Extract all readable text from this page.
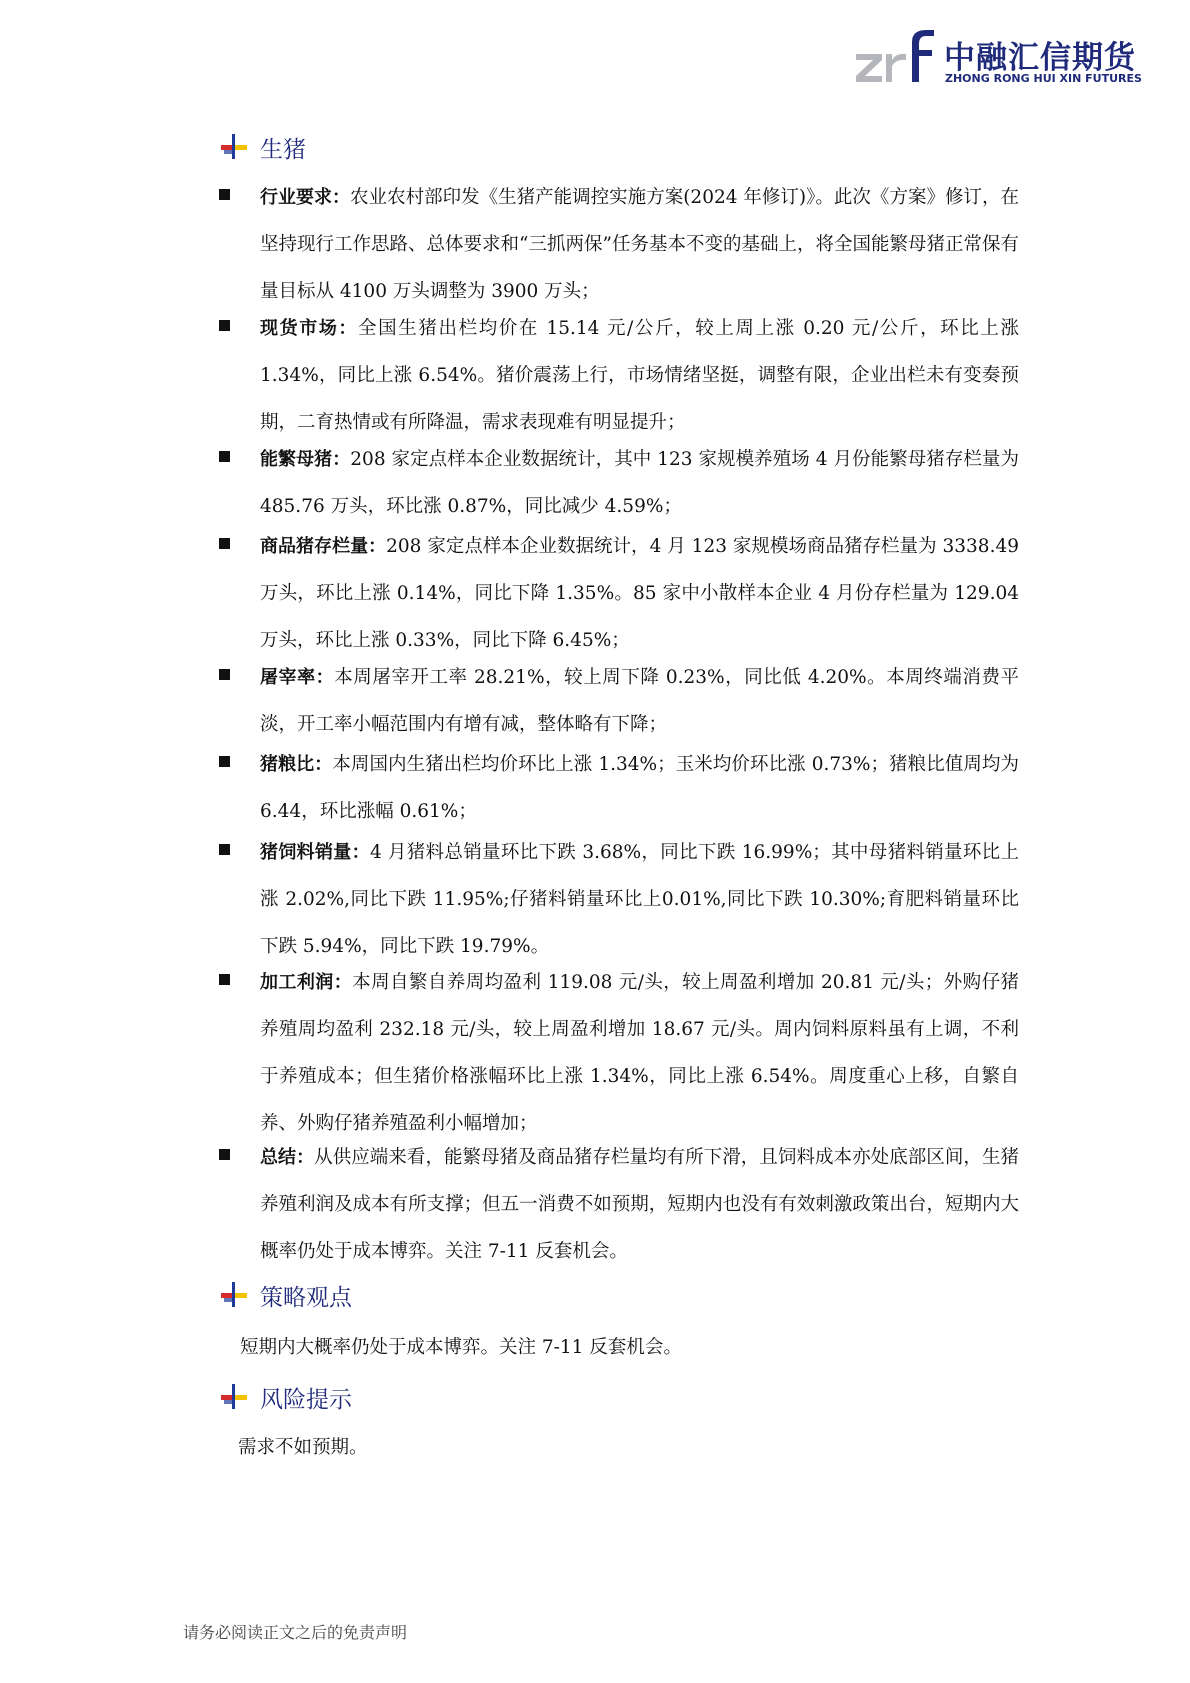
中融汇信期货
ZHONG RONG HUI XIN FUTURES
生猪
行业要求：农业农村部印发《生猪产能调控实施方案(2024 年修订)》。此次《方案》修订，在坚持现行工作思路、总体要求和“三抓两保”任务基本不变的基础上，将全国能繁母猪正常保有量目标从 4100 万头调整为 3900 万头；
现货市场：全国生猪出栏均价在 15.14 元/公斤，较上周上涨 0.20 元/公斤，环比上涨 1.34%，同比上涨 6.54%。猪价震荡上行，市场情绪坚挺，调整有限，企业出栏未有变奏预期，二育热情或有所降温，需求表现难有明显提升；
能繁母猪：208 家定点样本企业数据统计，其中 123 家规模养殖场 4 月份能繁母猪存栏量为 485.76 万头，环比涨 0.87%，同比减少 4.59%；
商品猪存栏量：208 家定点样本企业数据统计，4 月 123 家规模场商品猪存栏量为 3338.49 万头，环比上涨 0.14%，同比下降 1.35%。85 家中小散样本企业 4 月份存栏量为 129.04 万头，环比上涨 0.33%，同比下降 6.45%；
屠宰率：本周屠宰开工率 28.21%，较上周下降 0.23%，同比低 4.20%。本周终端消费平淡，开工率小幅范围内有增有减，整体略有下降；
猪粮比：本周国内生猪出栏均价环比上涨 1.34%；玉米均价环比涨 0.73%；猪粮比值周均为 6.44，环比涨幅 0.61%；
猪饲料销量：4 月猪料总销量环比下跌 3.68%，同比下跌 16.99%；其中母猪料销量环比上涨 2.02%,同比下跌 11.95%;仔猪料销量环比上0.01%,同比下跌 10.30%;育肥料销量环比下跌 5.94%，同比下跌 19.79%。
加工利润：本周自繁自养周均盈利 119.08 元/头，较上周盈利增加 20.81 元/头；外购仔猪养殖周均盈利 232.18 元/头，较上周盈利增加 18.67 元/头。周内饲料原料虽有上调，不利于养殖成本；但生猪价格涨幅环比上涨 1.34%，同比上涨 6.54%。周度重心上移，自繁自养、外购仔猪养殖盈利小幅增加；
总结：从供应端来看，能繁母猪及商品猪存栏量均有所下滑，且饲料成本亦处底部区间，生猪养殖利润及成本有所支撑；但五一消费不如预期，短期内也没有有效刺激政策出台，短期内大概率仍处于成本博弈。关注 7-11 反套机会。
策略观点
短期内大概率仍处于成本博弈。关注 7-11 反套机会。
风险提示
需求不如预期。
请务必阅读正文之后的免责声明
